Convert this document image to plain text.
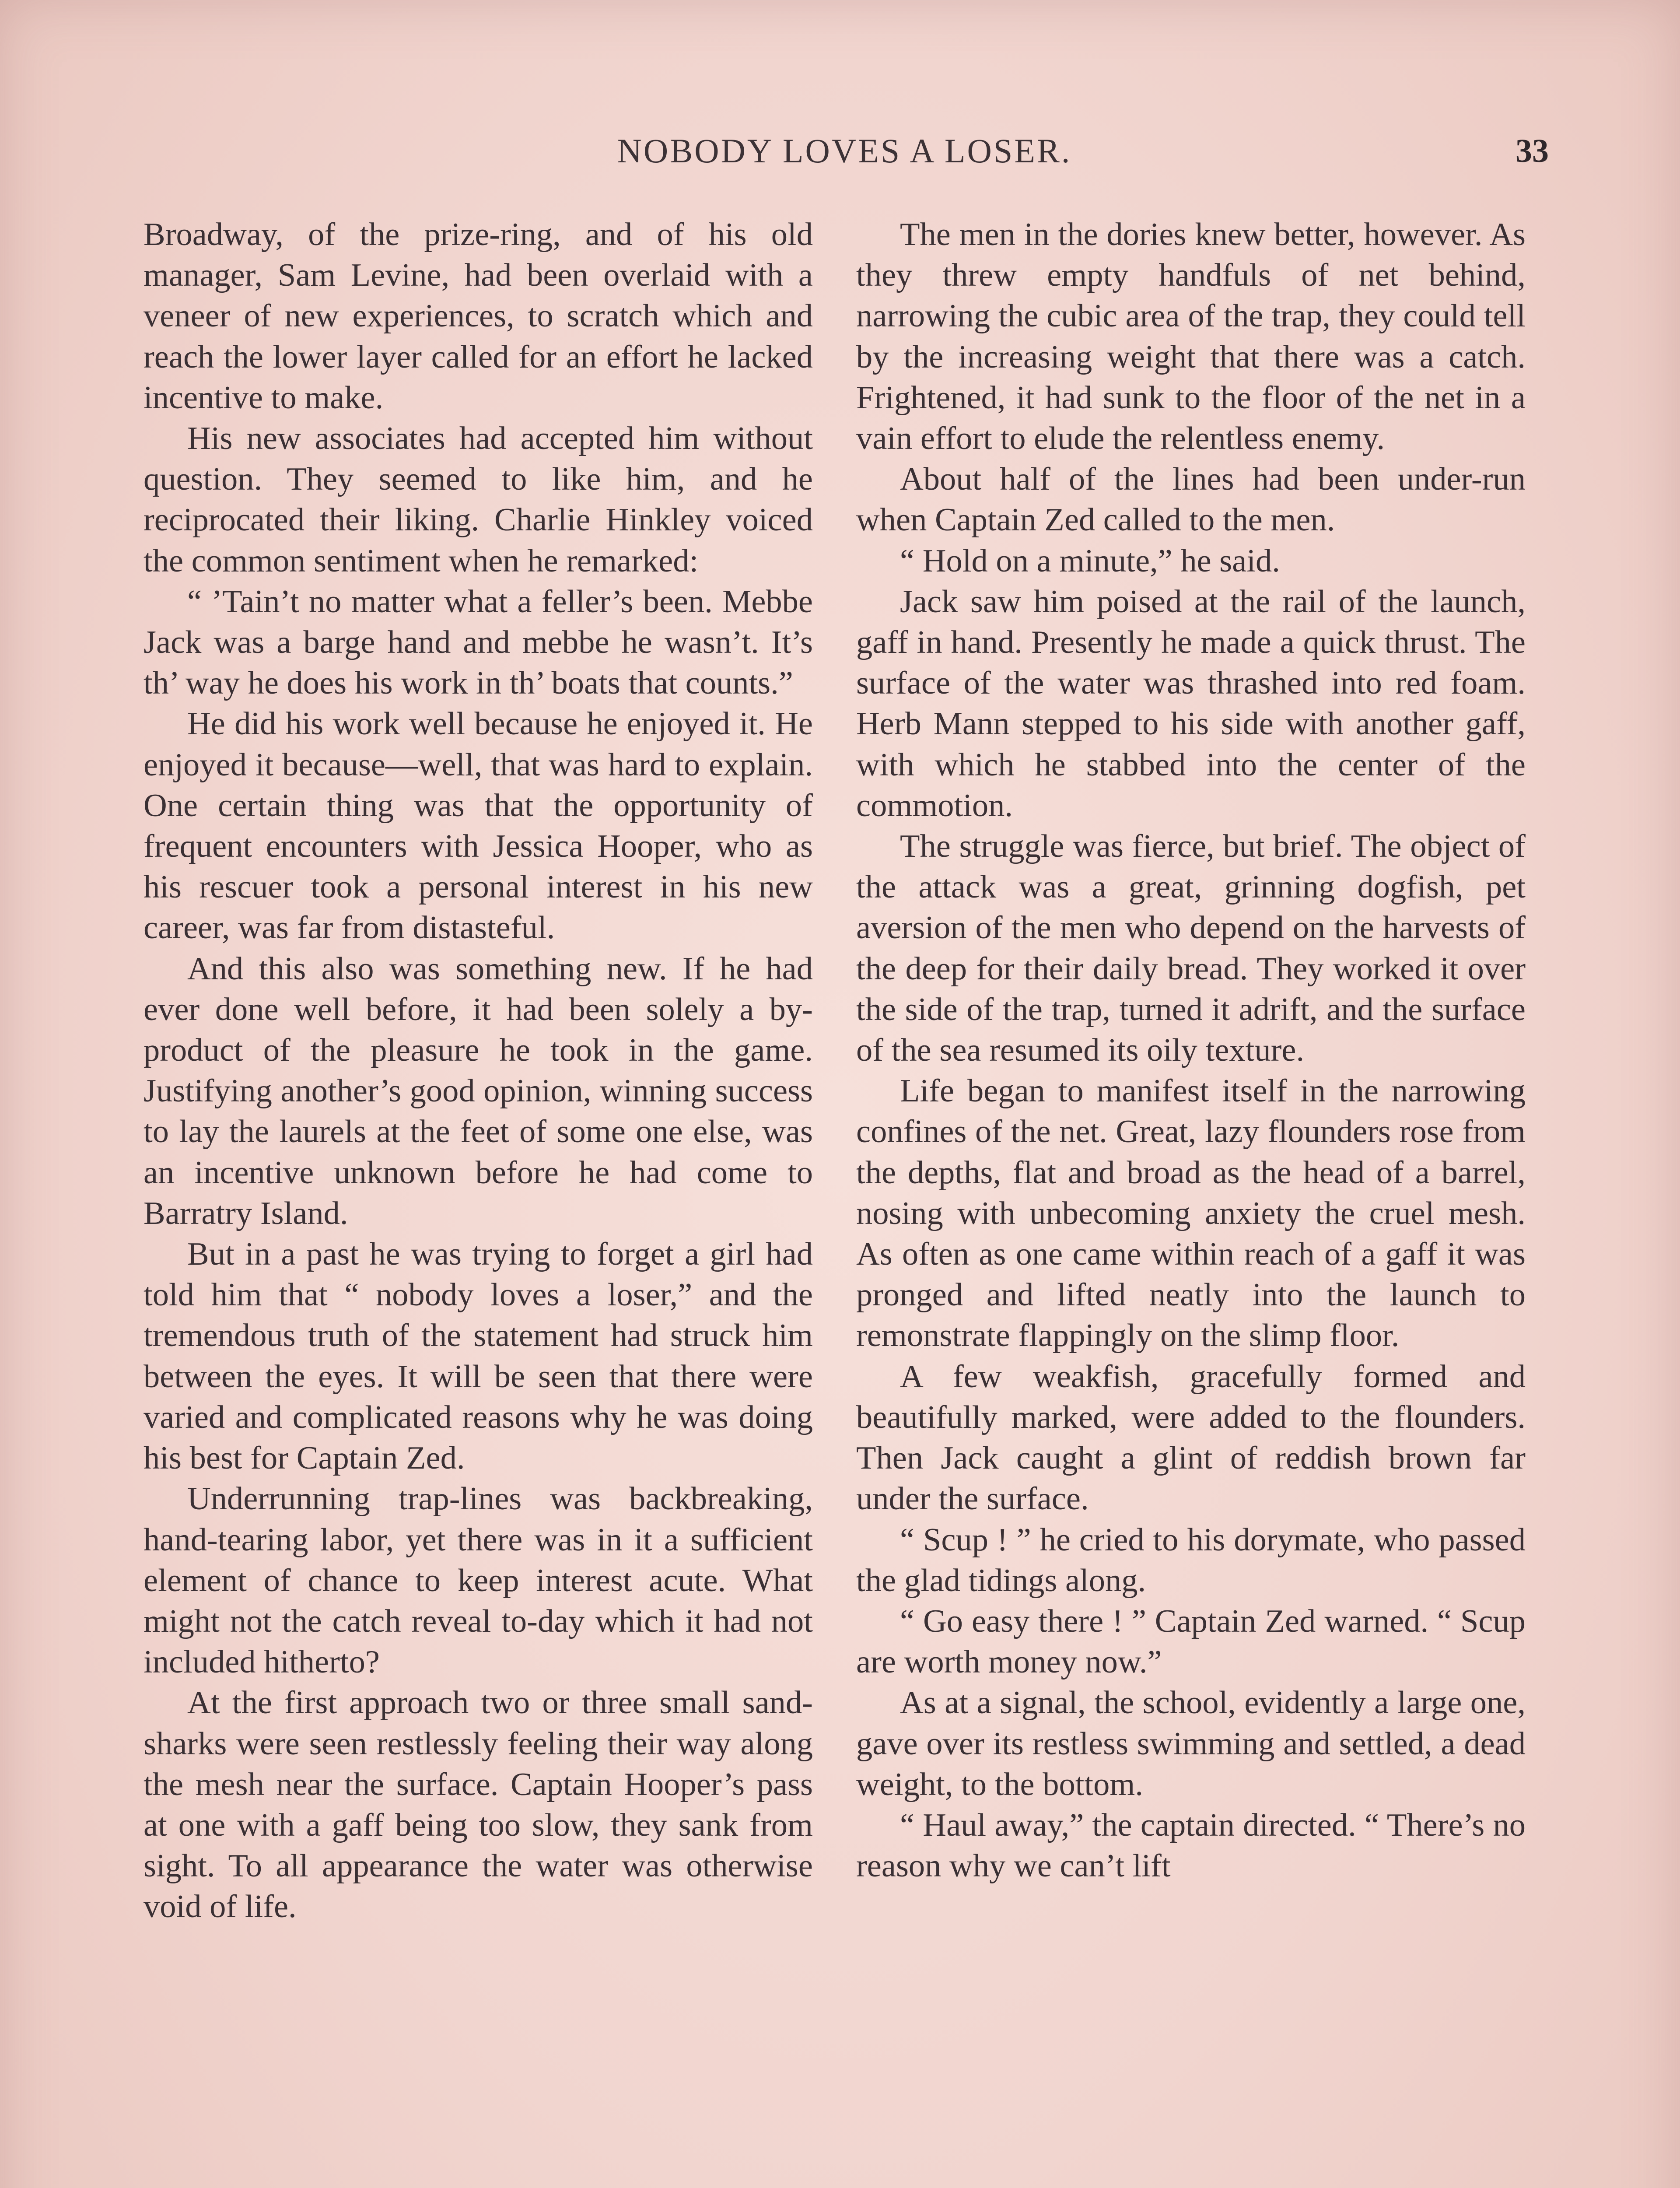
NOBODY LOVES A LOSER.	33

Broadway, of the prize-ring, and of his old manager, Sam Levine, had been overlaid with a veneer of new experiences, to scratch which and reach the lower layer called for an effort he lacked incentive to make.

His new associates had accepted him without question. They seemed to like him, and he reciprocated their liking. Charlie Hinkley voiced the common sentiment when he remarked:

“ ’Tain’t no matter what a feller’s been. Mebbe Jack was a barge hand and mebbe he wasn’t. It’s th’ way he does his work in th’ boats that counts.”

He did his work well because he enjoyed it. He enjoyed it because—well, that was hard to explain. One certain thing was that the opportunity of frequent encounters with Jessica Hooper, who as his rescuer took a personal interest in his new career, was far from distasteful.

And this also was something new. If he had ever done well before, it had been solely a by-product of the pleasure he took in the game. Justifying another’s good opinion, winning success to lay the laurels at the feet of some one else, was an incentive unknown before he had come to Barratry Island.

But in a past he was trying to forget a girl had told him that “ nobody loves a loser,” and the tremendous truth of the statement had struck him between the eyes. It will be seen that there were varied and complicated reasons why he was doing his best for Captain Zed.

Underrunning trap-lines was backbreaking, hand-tearing labor, yet there was in it a sufficient element of chance to keep interest acute. What might not the catch reveal to-day which it had not included hitherto?

At the first approach two or three small sand-sharks were seen restlessly feeling their way along the mesh near the surface. Captain Hooper’s pass at one with a gaff being too slow, they sank from sight. To all appearance the water was otherwise void of life.

The men in the dories knew better, however. As they threw empty handfuls of net behind, narrowing the cubic area of the trap, they could tell by the increasing weight that there was a catch. Frightened, it had sunk to the floor of the net in a vain effort to elude the relentless enemy.

About half of the lines had been under-run when Captain Zed called to the men.

“ Hold on a minute,” he said.

Jack saw him poised at the rail of the launch, gaff in hand. Presently he made a quick thrust. The surface of the water was thrashed into red foam. Herb Mann stepped to his side with another gaff, with which he stabbed into the center of the commotion.

The struggle was fierce, but brief. The object of the attack was a great, grinning dogfish, pet aversion of the men who depend on the harvests of the deep for their daily bread. They worked it over the side of the trap, turned it adrift, and the surface of the sea resumed its oily texture.

Life began to manifest itself in the narrowing confines of the net. Great, lazy flounders rose from the depths, flat and broad as the head of a barrel, nosing with unbecoming anxiety the cruel mesh. As often as one came within reach of a gaff it was pronged and lifted neatly into the launch to remonstrate flappingly on the slimp floor.

A few weakfish, gracefully formed and beautifully marked, were added to the flounders. Then Jack caught a glint of reddish brown far under the surface.

“ Scup ! ” he cried to his dorymate, who passed the glad tidings along.

“ Go easy there ! ” Captain Zed warned. “ Scup are worth money now.”

As at a signal, the school, evidently a large one, gave over its restless swimming and settled, a dead weight, to the bottom.

“ Haul away,” the captain directed. “ There’s no reason why we can’t lift
